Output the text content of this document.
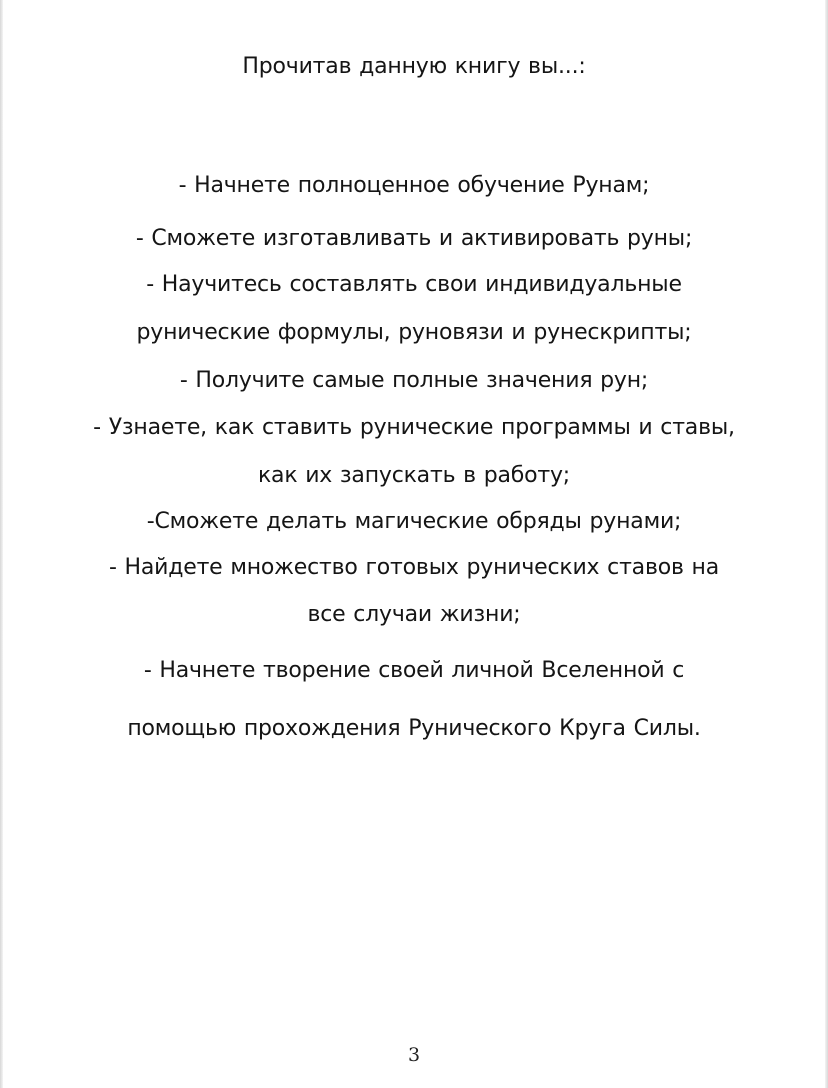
Прочитав данную книгу вы...:
- Начнете полноценное обучение Рунам;
- Сможете изготавливать и активировать руны;
- Научитесь составлять свои индивидуальные
рунические формулы, руновязи и рунескрипты;
- Получите самые полные значения рун;
- Узнаете, как ставить рунические программы и ставы,
как их запускать в работу;
-Сможете делать магические обряды рунами;
- Найдете множество готовых рунических ставов на
все случаи жизни;
- Начнете творение своей личной Вселенной с
помощью прохождения Рунического Круга Силы.
3
